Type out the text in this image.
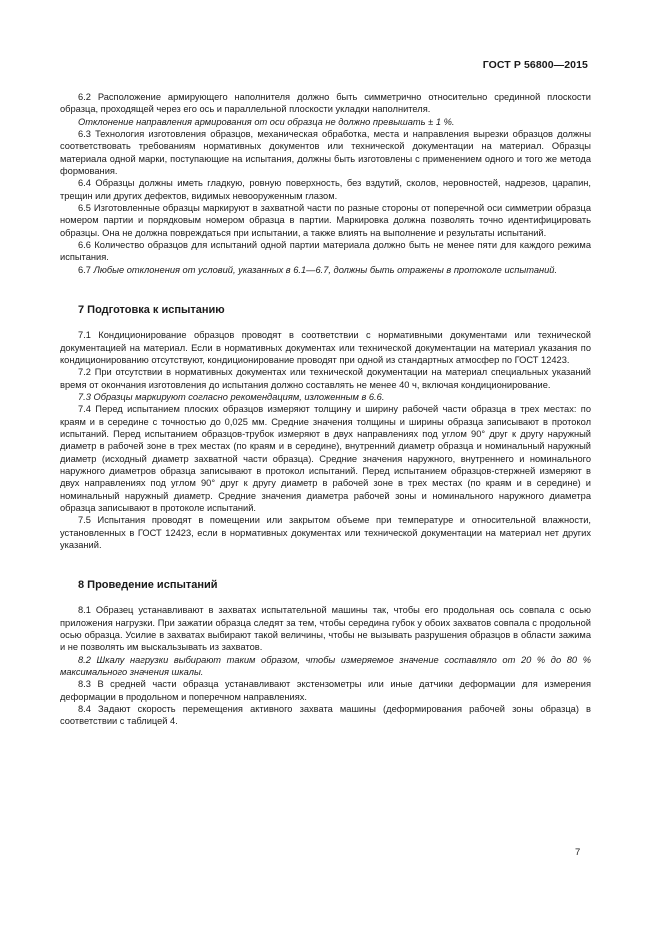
ГОСТ Р 56800—2015

6.2 Расположение армирующего наполнителя должно быть симметрично относительно срединной плоскости образца, проходящей через его ось и параллельной плоскости укладки наполнителя.

Отклонение направления армирования от оси образца не должно превышать ± 1 %.

6.3 Технология изготовления образцов, механическая обработка, места и направления вырезки образцов должны соответствовать требованиям нормативных документов или технической документации на материал. Образцы материала одной марки, поступающие на испытания, должны быть изготовлены с применением одного и того же метода формования.

6.4 Образцы должны иметь гладкую, ровную поверхность, без вздутий, сколов, неровностей, надрезов, царапин, трещин или других дефектов, видимых невооруженным глазом.

6.5 Изготовленные образцы маркируют в захватной части по разные стороны от поперечной оси симметрии образца номером партии и порядковым номером образца в партии. Маркировка должна позволять точно идентифицировать образцы. Она не должна повреждаться при испытании, а также влиять на выполнение и результаты испытаний.

6.6 Количество образцов для испытаний одной партии материала должно быть не менее пяти для каждого режима испытания.

6.7 Любые отклонения от условий, указанных в 6.1—6.7, должны быть отражены в протоколе испытаний.

7 Подготовка к испытанию

7.1 Кондиционирование образцов проводят в соответствии с нормативными документами или технической документацией на материал. Если в нормативных документах или технической документации на материал указания по кондиционированию отсутствуют, кондиционирование проводят при одной из стандартных атмосфер по ГОСТ 12423.

7.2 При отсутствии в нормативных документах или технической документации на материал специальных указаний время от окончания изготовления до испытания должно составлять не менее 40 ч, включая кондиционирование.

7.3 Образцы маркируют согласно рекомендациям, изложенным в 6.6.

7.4 Перед испытанием плоских образцов измеряют толщину и ширину рабочей части образца в трех местах: по краям и в середине с точностью до 0,025 мм. Средние значения толщины и ширины образца записывают в протокол испытаний. Перед испытанием образцов-трубок измеряют в двух направлениях под углом 90° друг к другу наружный диаметр в рабочей зоне в трех местах (по краям и в середине), внутренний диаметр образца и номинальный наружный диаметр (исходный диаметр захватной части образца). Средние значения наружного, внутреннего и номинального наружного диаметров образца записывают в протокол испытаний. Перед испытанием образцов-стержней измеряют в двух направлениях под углом 90° друг к другу диаметр в рабочей зоне в трех местах (по краям и в середине) и номинальный наружный диаметр. Средние значения диаметра рабочей зоны и номинального наружного диаметра образца записывают в протоколе испытаний.

7.5 Испытания проводят в помещении или закрытом объеме при температуре и относительной влажности, установленных в ГОСТ 12423, если в нормативных документах или технической документации на материал нет других указаний.

8 Проведение испытаний

8.1 Образец устанавливают в захватах испытательной машины так, чтобы его продольная ось совпала с осью приложения нагрузки. При зажатии образца следят за тем, чтобы середина губок у обоих захватов совпала с продольной осью образца. Усилие в захватах выбирают такой величины, чтобы не вызывать разрушения образцов в области зажима и не позволять им выскальзывать из захватов.

8.2 Шкалу нагрузки выбирают таким образом, чтобы измеряемое значение составляло от 20 % до 80 % максимального значения шкалы.

8.3 В средней части образца устанавливают экстензометры или иные датчики деформации для измерения деформации в продольном и поперечном направлениях.

8.4 Задают скорость перемещения активного захвата машины (деформирования рабочей зоны образца) в соответствии с таблицей 4.

7
